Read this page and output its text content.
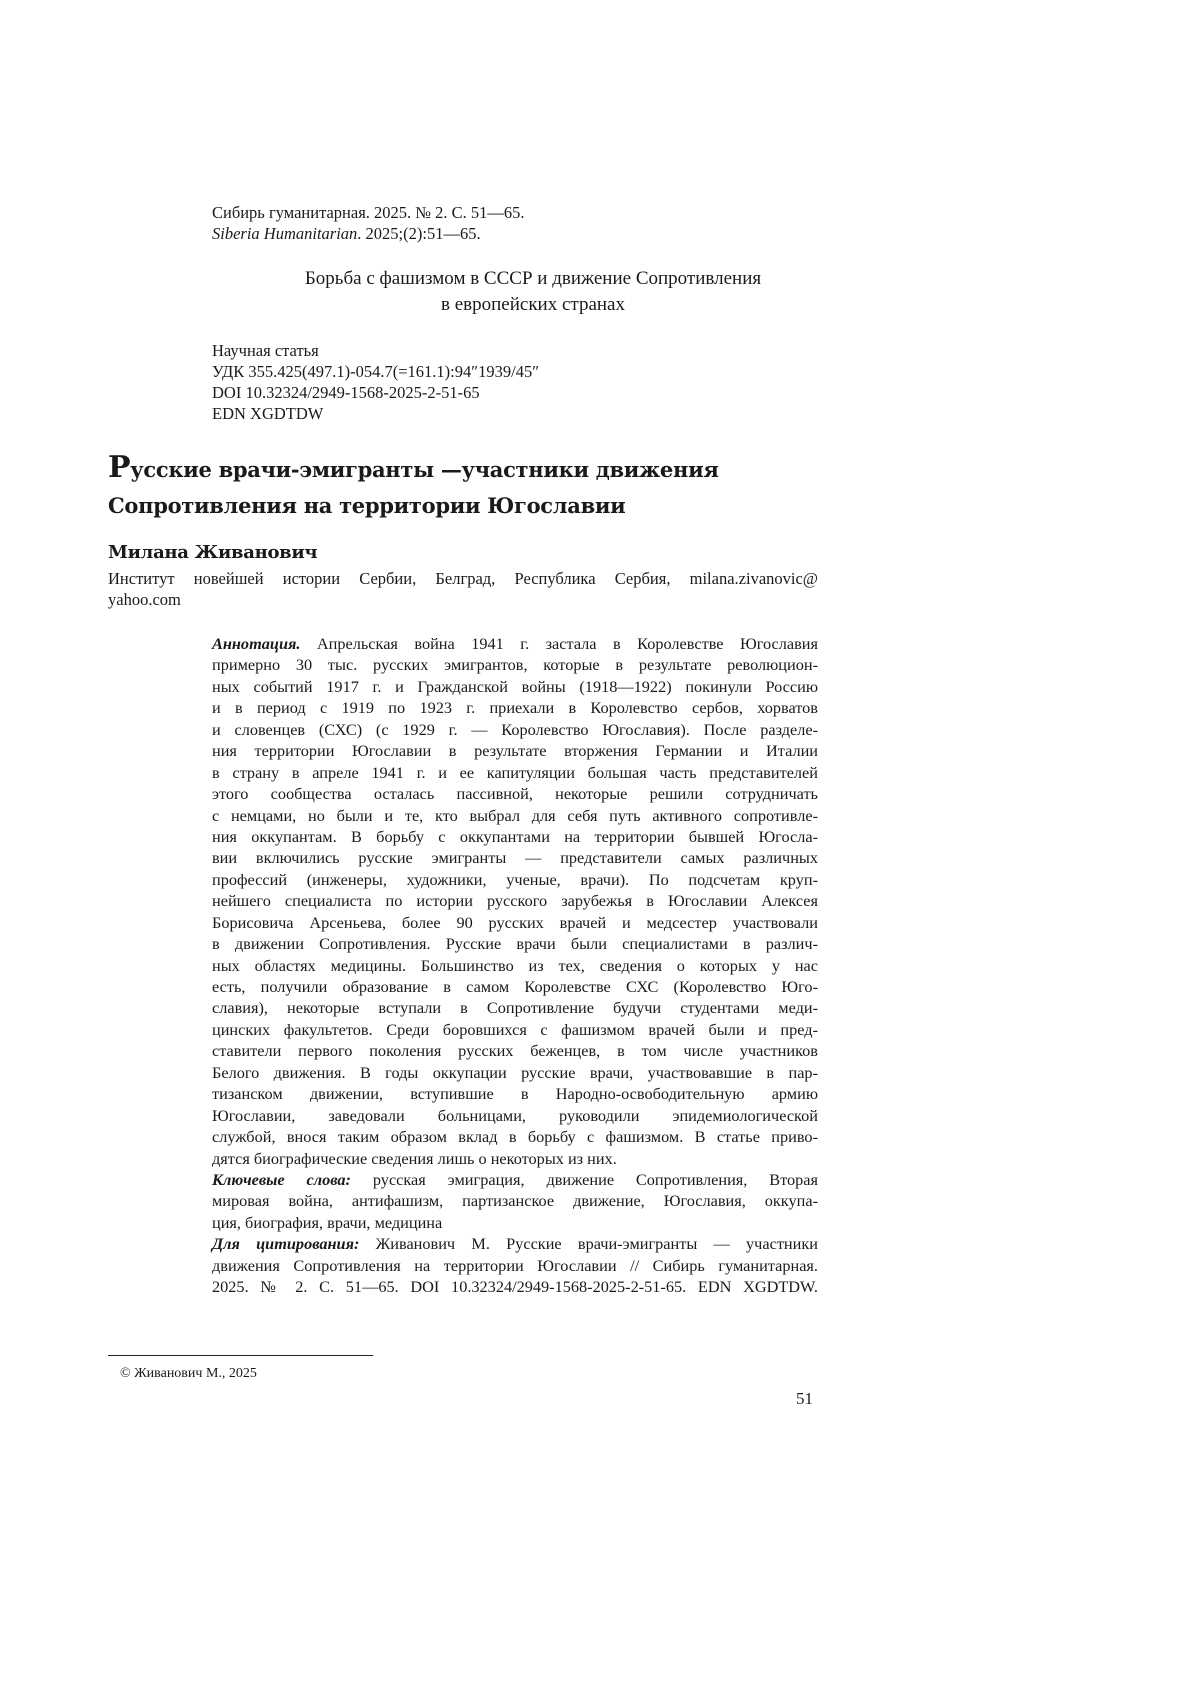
Сибирь гуманитарная. 2025. № 2. С. 51—65.
Siberia Humanitarian. 2025;(2):51—65.
Борьба с фашизмом в СССР и движение Сопротивления
в европейских странах
Научная статья
УДК 355.425(497.1)-054.7(=161.1):94″1939/45″
DOI 10.32324/2949-1568-2025-2-51-65
EDN XGDTDW
Русские врачи-эмигранты —участники движения
Сопротивления на территории Югославии
Милана Живанович
Институт новейшей истории Сербии, Белград, Республика Сербия, milana.zivanovic@
yahoo.com
Аннотация. Апрельская война 1941 г. застала в Королевстве Югославия
примерно 30 тыс. русских эмигрантов, которые в результате революцион-
ных событий 1917 г. и Гражданской войны (1918—1922) покинули Россию
и в период с 1919 по 1923 г. приехали в Королевство сербов, хорватов
и словенцев (СХС) (с 1929 г. — Королевство Югославия). После разделе-
ния территории Югославии в результате вторжения Германии и Италии
в страну в апреле 1941 г. и ее капитуляции большая часть представителей
этого сообщества осталась пассивной, некоторые решили сотрудничать
с немцами, но были и те, кто выбрал для себя путь активного сопротивле-
ния оккупантам. В борьбу с оккупантами на территории бывшей Югосла-
вии включились русские эмигранты — представители самых различных
профессий (инженеры, художники, ученые, врачи). По подсчетам круп-
нейшего специалиста по истории русского зарубежья в Югославии Алексея
Борисовича Арсеньева, более 90 русских врачей и медсестер участвовали
в движении Сопротивления. Русские врачи были специалистами в различ-
ных областях медицины. Большинство из тех, сведения о которых у нас
есть, получили образование в самом Королевстве СХС (Королевство Юго-
славия), некоторые вступали в Сопротивление будучи студентами меди-
цинских факультетов. Среди боровшихся с фашизмом врачей были и пред-
ставители первого поколения русских беженцев, в том числе участников
Белого движения. В годы оккупации русские врачи, участвовавшие в пар-
тизанском движении, вступившие в Народно-освободительную армию
Югославии, заведовали больницами, руководили эпидемиологической
службой, внося таким образом вклад в борьбу с фашизмом. В статье приво-
дятся биографические сведения лишь о некоторых из них.
Ключевые слова: русская эмиграция, движение Сопротивления, Вторая
мировая война, антифашизм, партизанское движение, Югославия, оккупа-
ция, биография, врачи, медицина
Для цитирования: Живанович М. Русские врачи-эмигранты — участники
движения Сопротивления на территории Югославии // Сибирь гуманитарная.
2025. № 2. С. 51—65. DOI 10.32324/2949-1568-2025-2-51-65. EDN XGDTDW.
© Живанович М., 2025
51
